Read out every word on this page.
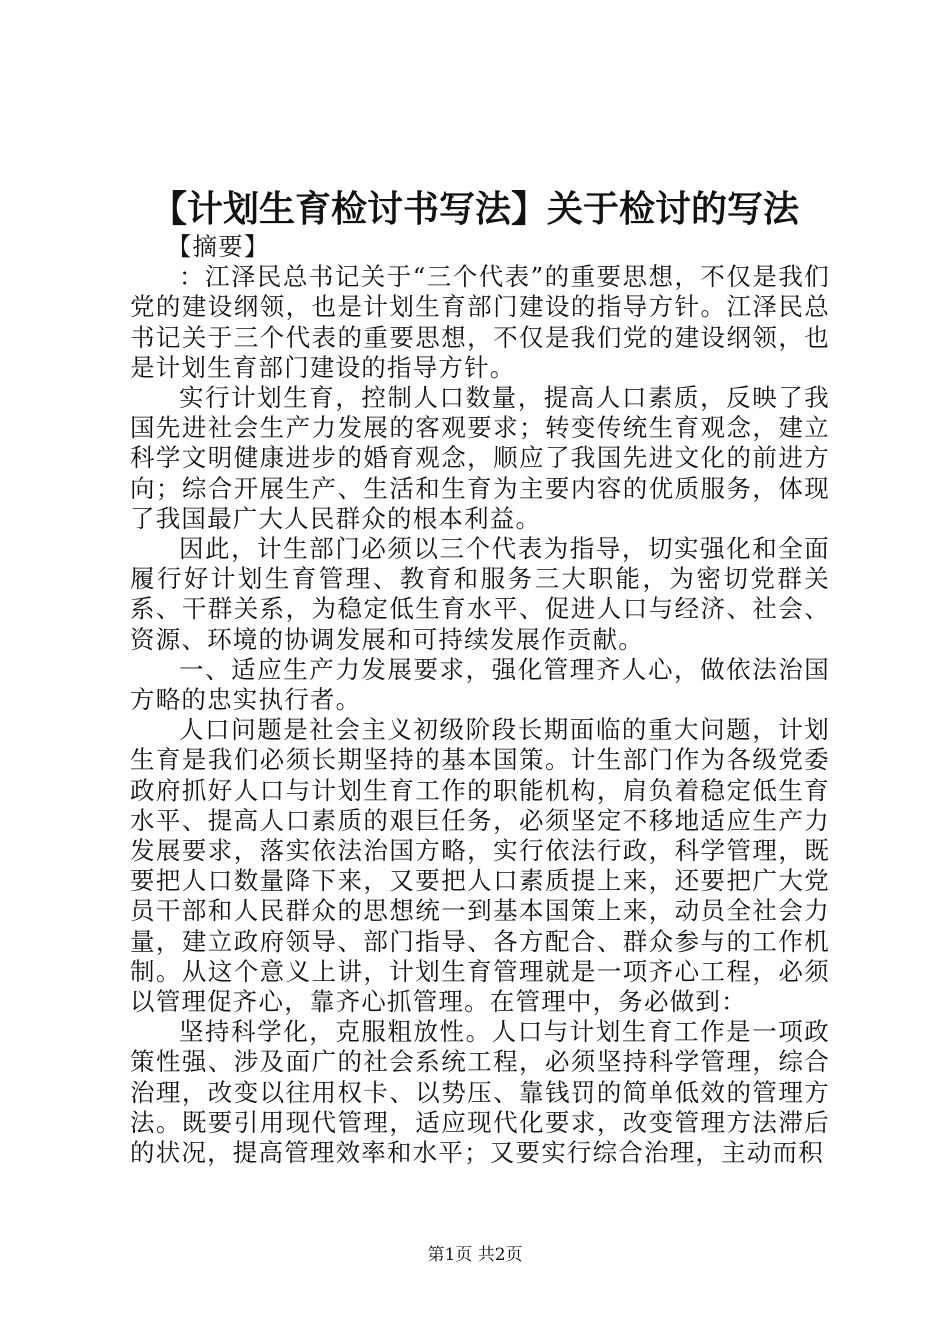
【计划生育检讨书写法】关于检讨的写法

【摘要】

：江泽民总书记关于“三个代表”的重要思想，不仅是我们党的建设纲领，也是计划生育部门建设的指导方针。江泽民总书记关于三个代表的重要思想，不仅是我们党的建设纲领，也是计划生育部门建设的指导方针。

实行计划生育，控制人口数量，提高人口素质，反映了我国先进社会生产力发展的客观要求；转变传统生育观念，建立科学文明健康进步的婚育观念，顺应了我国先进文化的前进方向；综合开展生产、生活和生育为主要内容的优质服务，体现了我国最广大人民群众的根本利益。

因此，计生部门必须以三个代表为指导，切实强化和全面履行好计划生育管理、教育和服务三大职能，为密切党群关系、干群关系，为稳定低生育水平、促进人口与经济、社会、资源、环境的协调发展和可持续发展作贡献。

一、适应生产力发展要求，强化管理齐人心，做依法治国方略的忠实执行者。

人口问题是社会主义初级阶段长期面临的重大问题，计划生育是我们必须长期坚持的基本国策。计生部门作为各级党委政府抓好人口与计划生育工作的职能机构，肩负着稳定低生育水平、提高人口素质的艰巨任务，必须坚定不移地适应生产力发展要求，落实依法治国方略，实行依法行政，科学管理，既要把人口数量降下来，又要把人口素质提上来，还要把广大党员干部和人民群众的思想统一到基本国策上来，动员全社会力量，建立政府领导、部门指导、各方配合、群众参与的工作机制。从这个意义上讲，计划生育管理就是一项齐心工程，必须以管理促齐心，靠齐心抓管理。在管理中，务必做到：

坚持科学化，克服粗放性。人口与计划生育工作是一项政策性强、涉及面广的社会系统工程，必须坚持科学管理，综合治理，改变以往用权卡、以势压、靠钱罚的简单低效的管理方法。既要引用现代管理，适应现代化要求，改变管理方法滞后的状况，提高管理效率和水平；又要实行综合治理，主动而积

第1页 共2页
